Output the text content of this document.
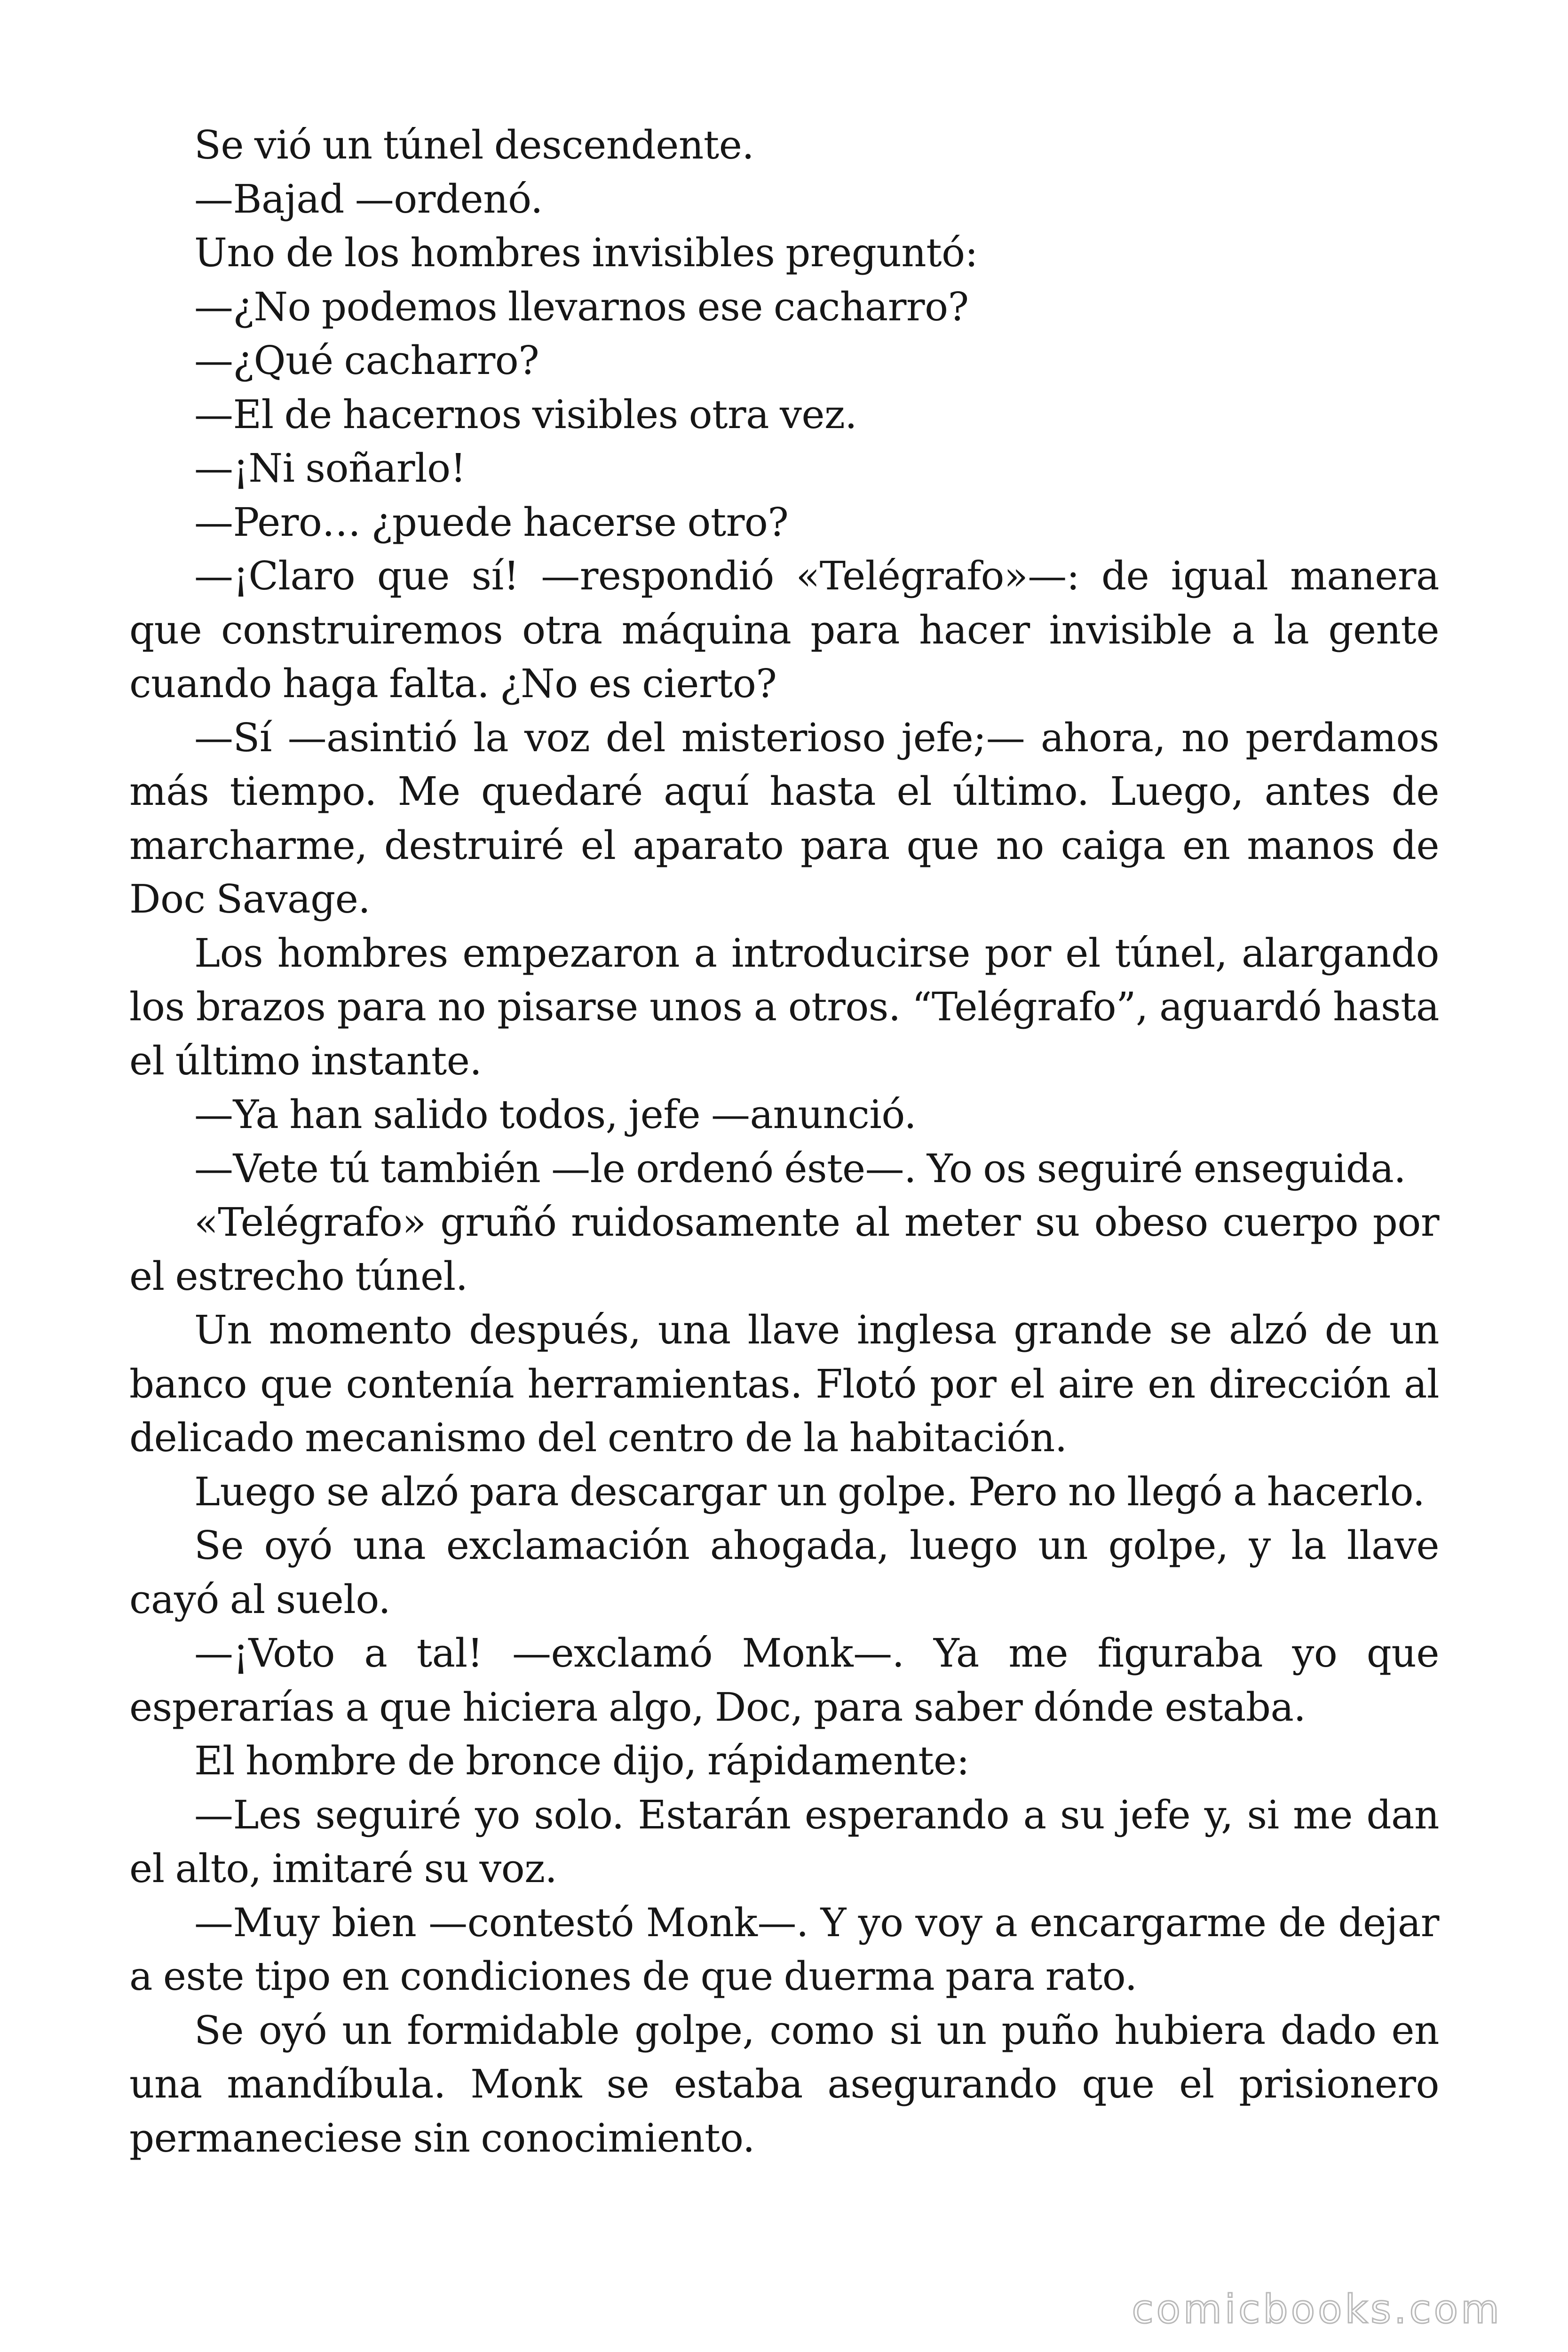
Se vió un túnel descendente.

—Bajad —ordenó.

Uno de los hombres invisibles preguntó:

—¿No podemos llevarnos ese cacharro?

—¿Qué cacharro?

—El de hacernos visibles otra vez.

—¡Ni soñarlo!

—Pero… ¿puede hacerse otro?

—¡Claro que sí! —respondió «Telégrafo»—: de igual manera que construiremos otra máquina para hacer invisible a la gente cuando haga falta. ¿No es cierto?

—Sí —asintió la voz del misterioso jefe;— ahora, no perdamos más tiempo. Me quedaré aquí hasta el último. Luego, antes de marcharme, destruiré el aparato para que no caiga en manos de Doc Savage.

Los hombres empezaron a introducirse por el túnel, alargando los brazos para no pisarse unos a otros. “Telégrafo”, aguardó hasta el último instante.

—Ya han salido todos, jefe —anunció.

—Vete tú también —le ordenó éste—. Yo os seguiré enseguida.

«Telégrafo» gruñó ruidosamente al meter su obeso cuerpo por el estrecho túnel.

Un momento después, una llave inglesa grande se alzó de un banco que contenía herramientas. Flotó por el aire en dirección al delicado mecanismo del centro de la habitación.

Luego se alzó para descargar un golpe. Pero no llegó a hacerlo.

Se oyó una exclamación ahogada, luego un golpe, y la llave cayó al suelo.

—¡Voto a tal! —exclamó Monk—. Ya me figuraba yo que esperarías a que hiciera algo, Doc, para saber dónde estaba.

El hombre de bronce dijo, rápidamente:

—Les seguiré yo solo. Estarán esperando a su jefe y, si me dan el alto, imitaré su voz.

—Muy bien —contestó Monk—. Y yo voy a encargarme de dejar a este tipo en condiciones de que duerma para rato.

Se oyó un formidable golpe, como si un puño hubiera dado en una mandíbula. Monk se estaba asegurando que el prisionero permaneciese sin conocimiento.

comicbooks.com
